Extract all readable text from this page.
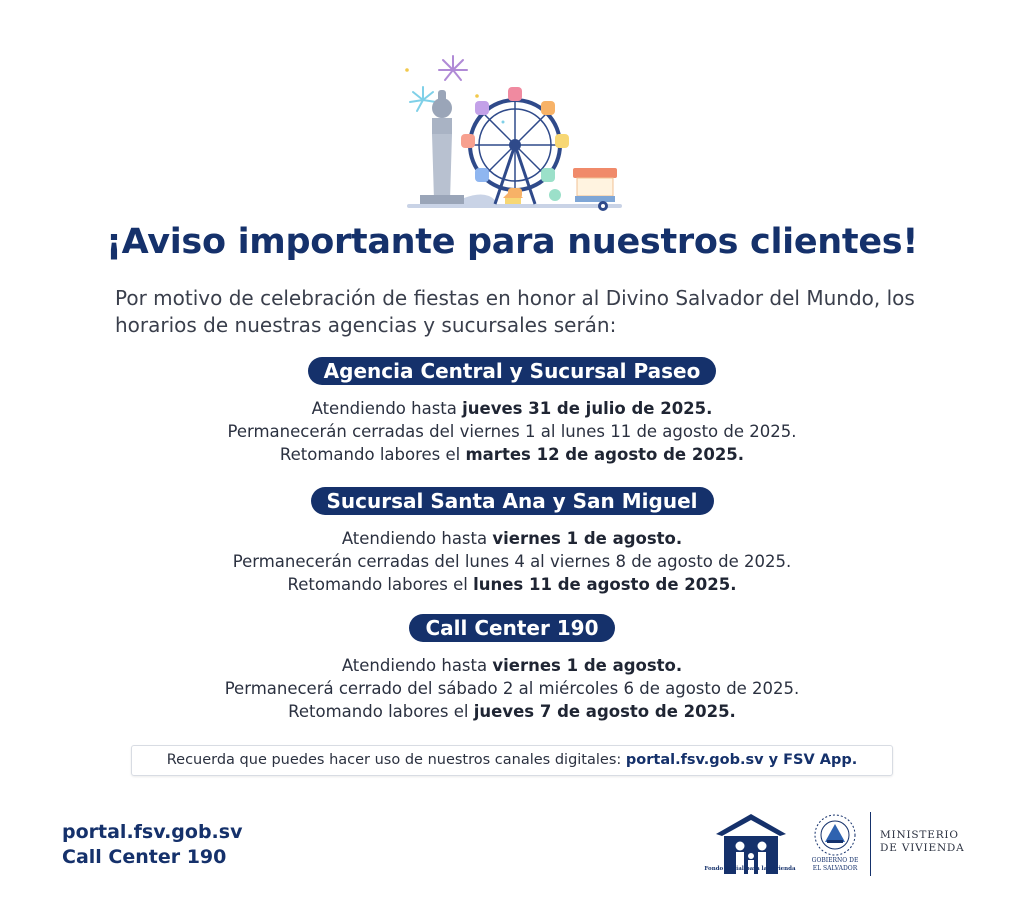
¡Aviso importante para nuestros clientes!

Por motivo de celebración de fiestas en honor al Divino Salvador del Mundo, los horarios de nuestras agencias y sucursales serán:

Agencia Central y Sucursal Paseo
Atendiendo hasta jueves 31 de julio de 2025.
Permanecerán cerradas del viernes 1 al lunes 11 de agosto de 2025.
Retomando labores el martes 12 de agosto de 2025.
Sucursal Santa Ana y San Miguel
Atendiendo hasta viernes 1 de agosto.
Permanecerán cerradas del lunes 4 al viernes 8 de agosto de 2025.
Retomando labores el lunes 11 de agosto de 2025.
Call Center 190
Atendiendo hasta viernes 1 de agosto.
Permanecerá cerrado del sábado 2 al miércoles 6 de agosto de 2025.
Retomando labores el jueves 7 de agosto de 2025.
Recuerda que puedes hacer uso de nuestros canales digitales: portal.fsv.gob.sv y FSV App.
portal.fsv.gob.sv
Call Center 190
Fondo Social para la Vivienda
GOBIERNO DE
EL SALVADOR
MINISTERIO
DE VIVIENDA
